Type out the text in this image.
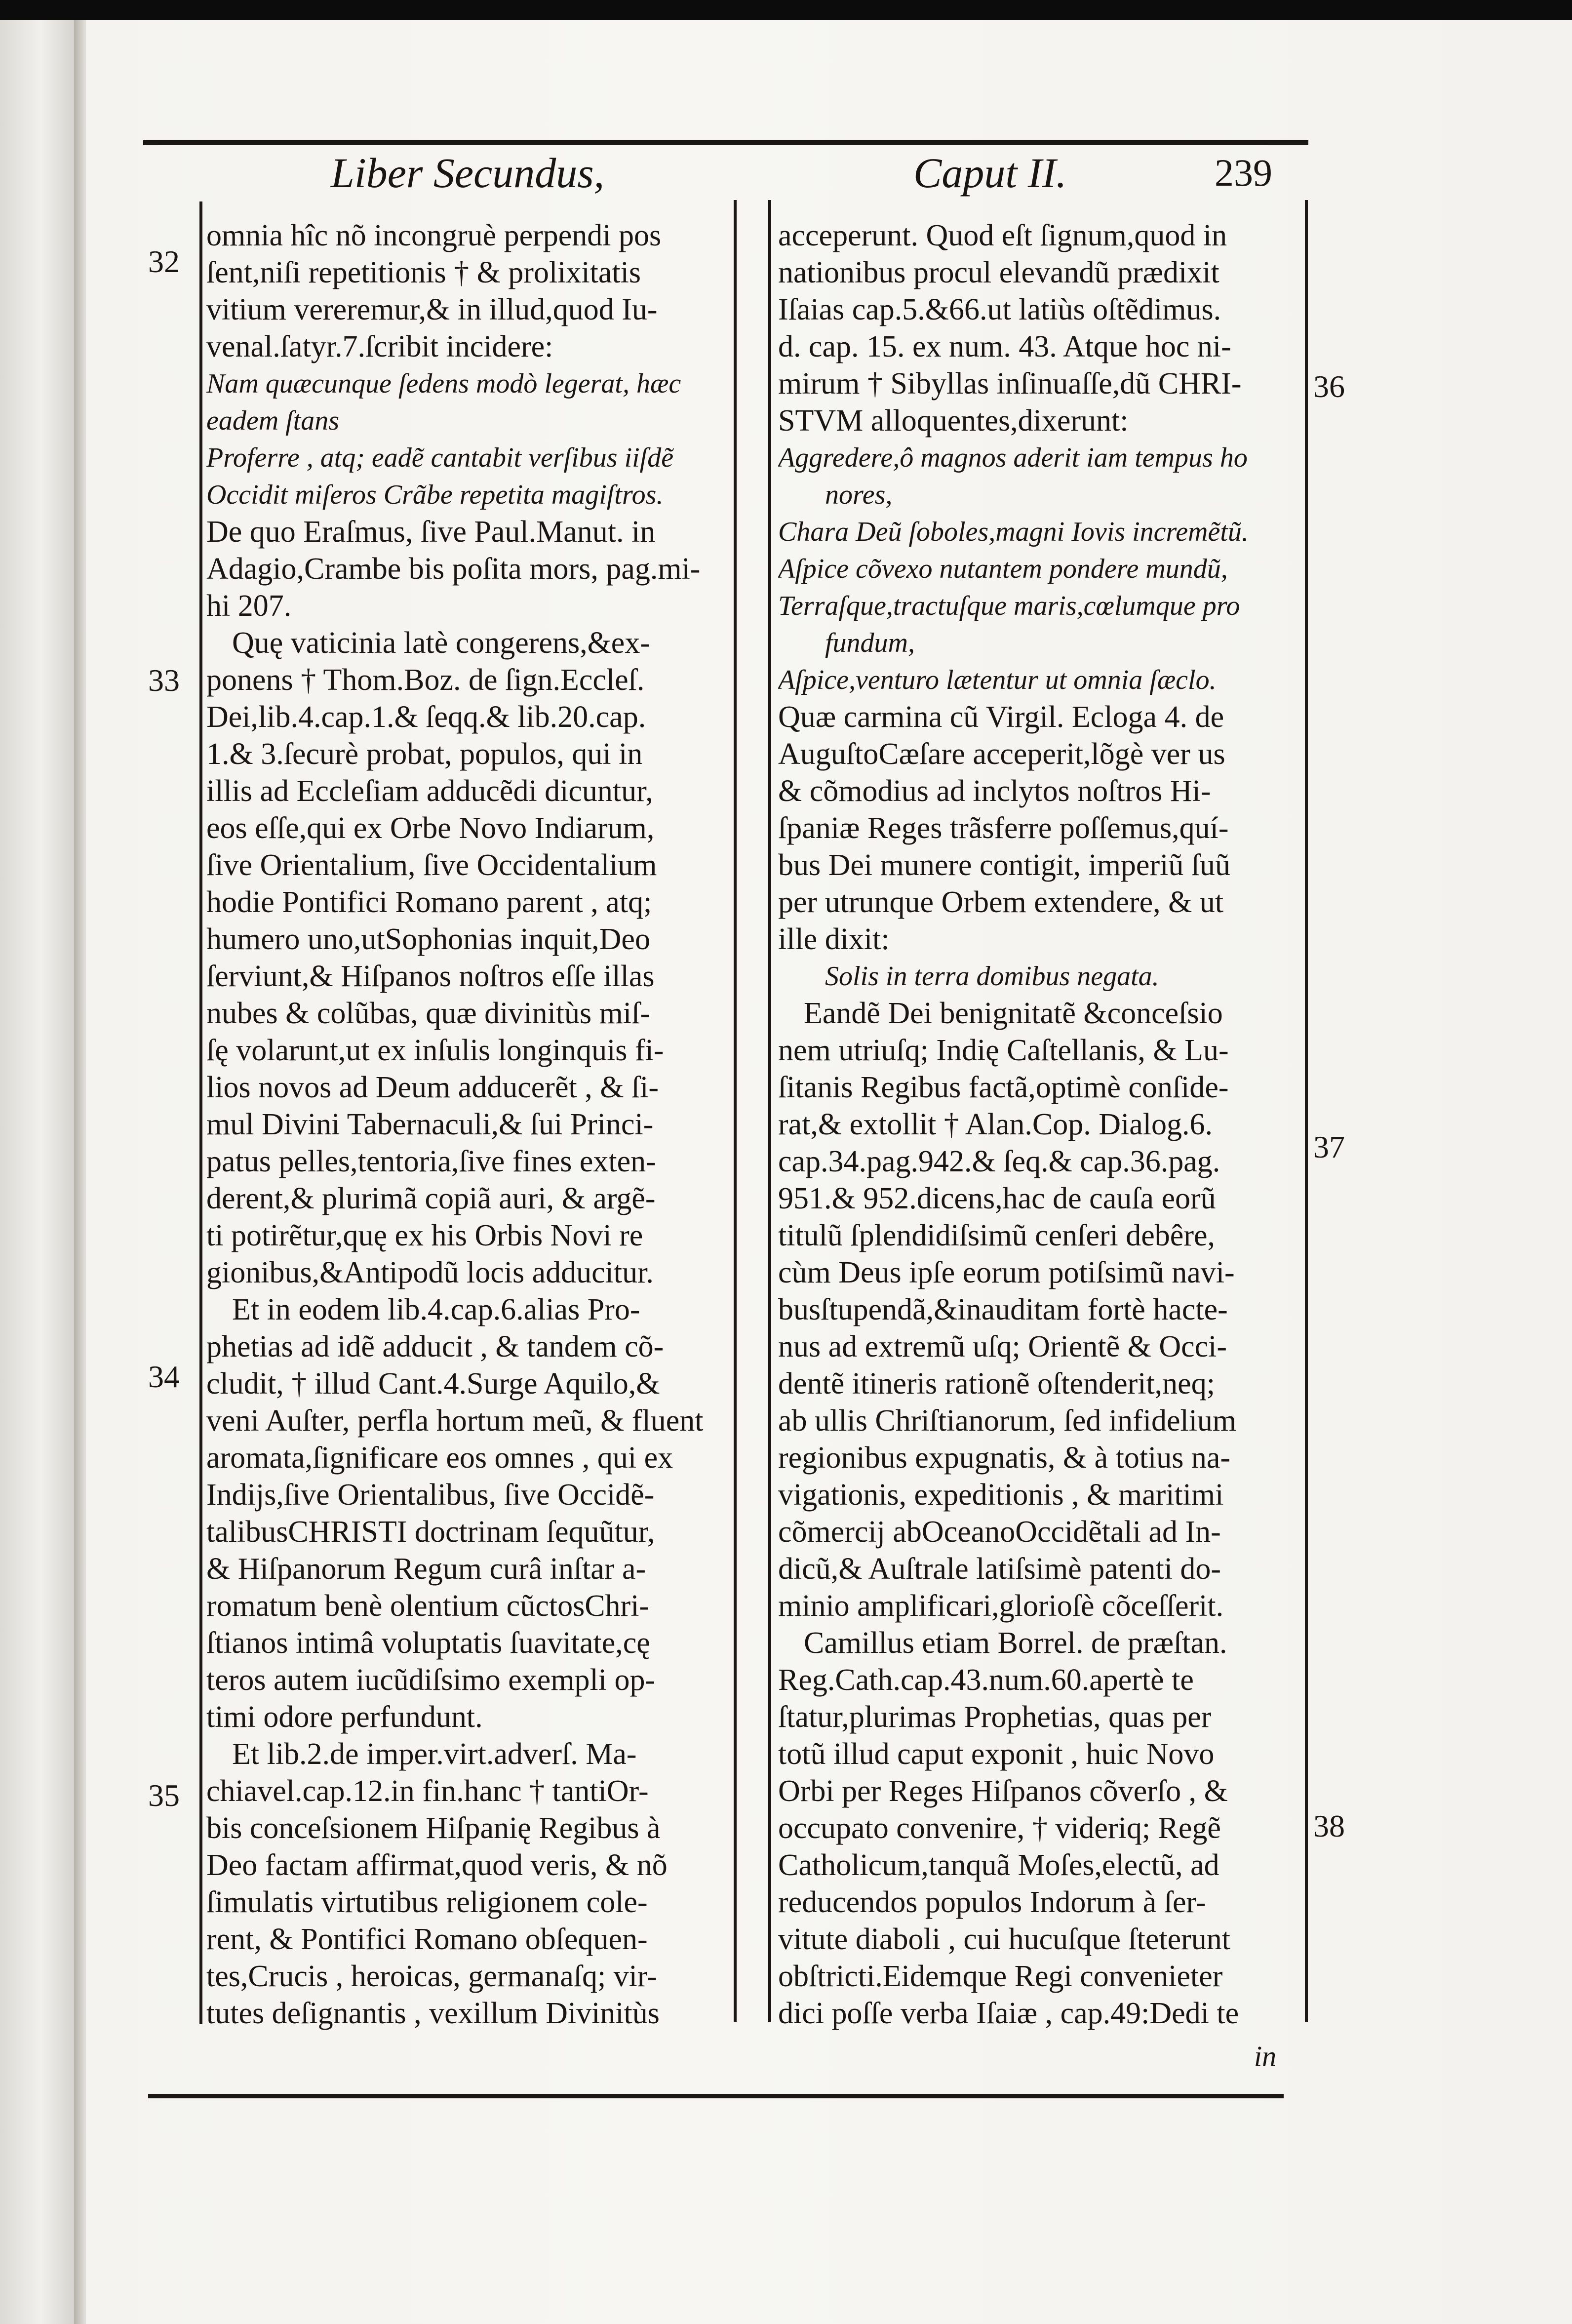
Liber Secundus,	Caput II.	239
32
33
34
35
36
37
38
omnia hîc nõ incongruè perpendi pos
ſent,niſi repetitionis † & prolixitatis
vitium vereremur,& in illud,quod Iu-
venal.ſatyr.7.ſcribit incidere:
Nam quæcunque ſedens modò legerat, hæc
eadem ſtans
Proferre , atq; eadẽ cantabit verſibus iiſdẽ
Occidit miſeros Crãbe repetita magiſtros.
De quo Eraſmus, ſive Paul.Manut. in
Adagio,Crambe bis poſita mors, pag.mi-
hi 207.
Quę vaticinia latè congerens,&ex-
ponens † Thom.Boz. de ſign.Eccleſ.
Dei,lib.4.cap.1.& ſeqq.& lib.20.cap.
1.& 3.ſecurè probat, populos, qui in
illis ad Eccleſiam adducẽdi dicuntur,
eos eſſe,qui ex Orbe Novo Indiarum,
ſive Orientalium, ſive Occidentalium
hodie Pontifici Romano parent , atq;
humero uno,utSophonias inquit,Deo
ſerviunt,& Hiſpanos noſtros eſſe illas
nubes & colũbas, quæ divinitùs miſ-
ſę volarunt,ut ex inſulis longinquis fi-
lios novos ad Deum adducerẽt , & ſi-
mul Divini Tabernaculi,& ſui Princi-
patus pelles,tentoria,ſive fines exten-
derent,& plurimã copiã auri, & argẽ-
ti potirẽtur,quę ex his Orbis Novi re
gionibus,&Antipodũ locis adducitur.
Et in eodem lib.4.cap.6.alias Pro-
phetias ad idẽ adducit , & tandem cõ-
cludit, † illud Cant.4.Surge Aquilo,&
veni Auſter, perfla hortum meũ, & fluent
aromata,ſignificare eos omnes , qui ex
Indijs,ſive Orientalibus, ſive Occidẽ-
talibusCHRISTI doctrinam ſequũtur,
& Hiſpanorum Regum curâ inſtar a-
romatum benè olentium cũctosChri-
ſtianos intimâ voluptatis ſuavitate,cę
teros autem iucũdiſsimo exempli op-
timi odore perfundunt.
Et lib.2.de imper.virt.adverſ. Ma-
chiavel.cap.12.in fin.hanc † tantiOr-
bis conceſsionem Hiſpanię Regibus à
Deo factam affirmat,quod veris, & nõ
ſimulatis virtutibus religionem cole-
rent, & Pontifici Romano obſequen-
tes,Crucis , heroicas, germanaſq; vir-
tutes deſignantis , vexillum Divinitùs
acceperunt. Quod eſt ſignum,quod in
nationibus procul elevandũ prædixit
Iſaias cap.5.&66.ut latiùs oſtẽdimus.
d. cap. 15. ex num. 43. Atque hoc ni-
mirum † Sibyllas inſinuaſſe,dũ CHRI-
STVM alloquentes,dixerunt:
Aggredere,ô magnos aderit iam tempus ho
nores,
Chara Deũ ſoboles,magni Iovis incremẽtũ.
Aſpice cõvexo nutantem pondere mundũ,
Terraſque,tractuſque maris,cœlumque pro
fundum,
Aſpice,venturo lætentur ut omnia ſæclo.
Quæ carmina cũ Virgil. Ecloga 4. de
AuguſtoCæſare acceperit,lõgè ver us
& cõmodius ad inclytos noſtros Hi-
ſpaniæ Reges trãsferre poſſemus,quí-
bus Dei munere contigit, imperiũ ſuũ
per utrunque Orbem extendere, & ut
ille dixit:
Solis in terra domibus negata.
Eandẽ Dei benignitatẽ &conceſsio
nem utriuſq; Indię Caſtellanis, & Lu-
ſitanis Regibus factã,optimè conſide-
rat,& extollit † Alan.Cop. Dialog.6.
cap.34.pag.942.& ſeq.& cap.36.pag.
951.& 952.dicens,hac de cauſa eorũ
titulũ ſplendidiſsimũ cenſeri debêre,
cùm Deus ipſe eorum potiſsimũ navi-
busſtupendã,&inauditam fortè hacte-
nus ad extremũ uſq; Orientẽ & Occi-
dentẽ itineris rationẽ oſtenderit,neq;
ab ullis Chriſtianorum, ſed infidelium
regionibus expugnatis, & à totius na-
vigationis, expeditionis , & maritimi
cõmercij abOceanoOccidẽtali ad In-
dicũ,& Auſtrale latiſsimè patenti do-
minio amplificari,glorioſè cõceſſerit.
Camillus etiam Borrel. de præſtan.
Reg.Cath.cap.43.num.60.apertè te
ſtatur,plurimas Prophetias, quas per
totũ illud caput exponit , huic Novo
Orbi per Reges Hiſpanos cõverſo , &
occupato convenire, † videriq; Regẽ
Catholicum,tanquã Moſes,electũ, ad
reducendos populos Indorum à ſer-
vitute diaboli , cui hucuſque ſteterunt
obſtricti.Eidemque Regi convenieter
dici poſſe verba Iſaiæ , cap.49:Dedi te
in
